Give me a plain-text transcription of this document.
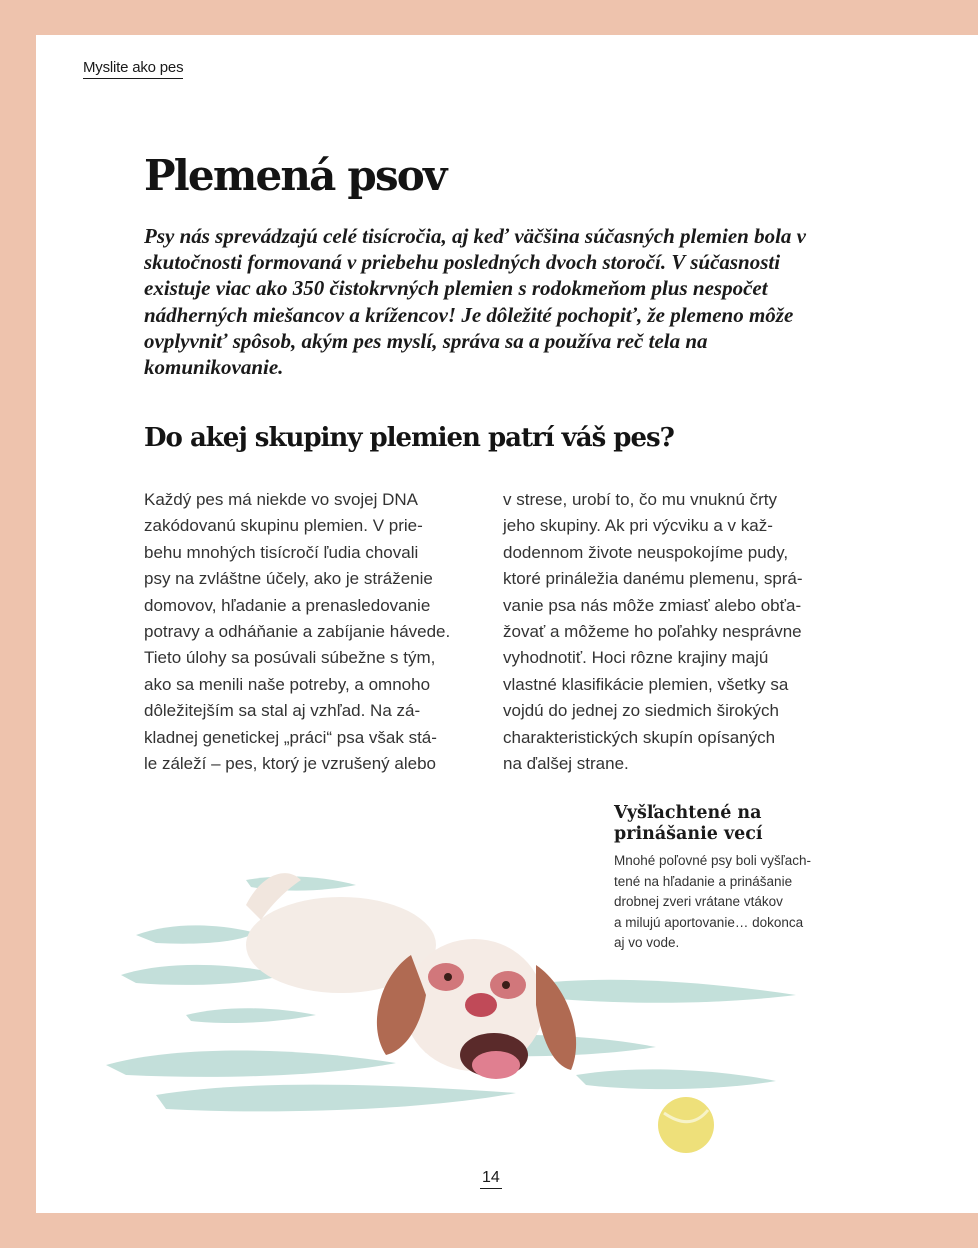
Myslite ako pes
Plemená psov

Psy nás sprevádzajú celé tisícročia, aj keď väčšina súčasných plemien bola v skutočnosti formovaná v priebehu posledných dvoch storočí. V súčasnosti existuje viac ako 350 čistokrvných plemien s rodokmeňom plus nespočet nádherných miešancov a krížencov! Je dôležité pochopiť, že plemeno môže ovplyvniť spôsob, akým pes myslí, správa sa a používa reč tela na komunikovanie.

Do akej skupiny plemien patrí váš pes?

Každý pes má niekde vo svojej DNA
zakódovanú skupinu plemien. V prie-
behu mnohých tisícročí ľudia chovali
psy na zvláštne účely, ako je stráženie
domovov, hľadanie a prenasledovanie
potravy a odháňanie a zabíjanie hávede.
Tieto úlohy sa posúvali súbežne s tým,
ako sa menili naše potreby, a omnoho
dôležitejším sa stal aj vzhľad. Na zá-
kladnej genetickej „práci“ psa však stá-
le záleží – pes, ktorý je vzrušený alebo

v strese, urobí to, čo mu vnuknú črty
jeho skupiny. Ak pri výcviku a v kaž-
dodennom živote neuspokojíme pudy,
ktoré prináležia danému plemenu, sprá-
vanie psa nás môže zmiasť alebo obťa-
žovať a môžeme ho poľahky nesprávne
vyhodnotiť. Hoci rôzne krajiny majú
vlastné klasifikácie plemien, všetky sa
vojdú do jednej zo siedmich širokých
charakteristických skupín opísaných
na ďalšej strane.

Vyšľachtené na
prinášanie vecí

Mnohé poľovné psy boli vyšľach-
tené na hľadanie a prinášanie
drobnej zveri vrátane vtákov
a milujú aportovanie… dokonca
aj vo vode.

14
